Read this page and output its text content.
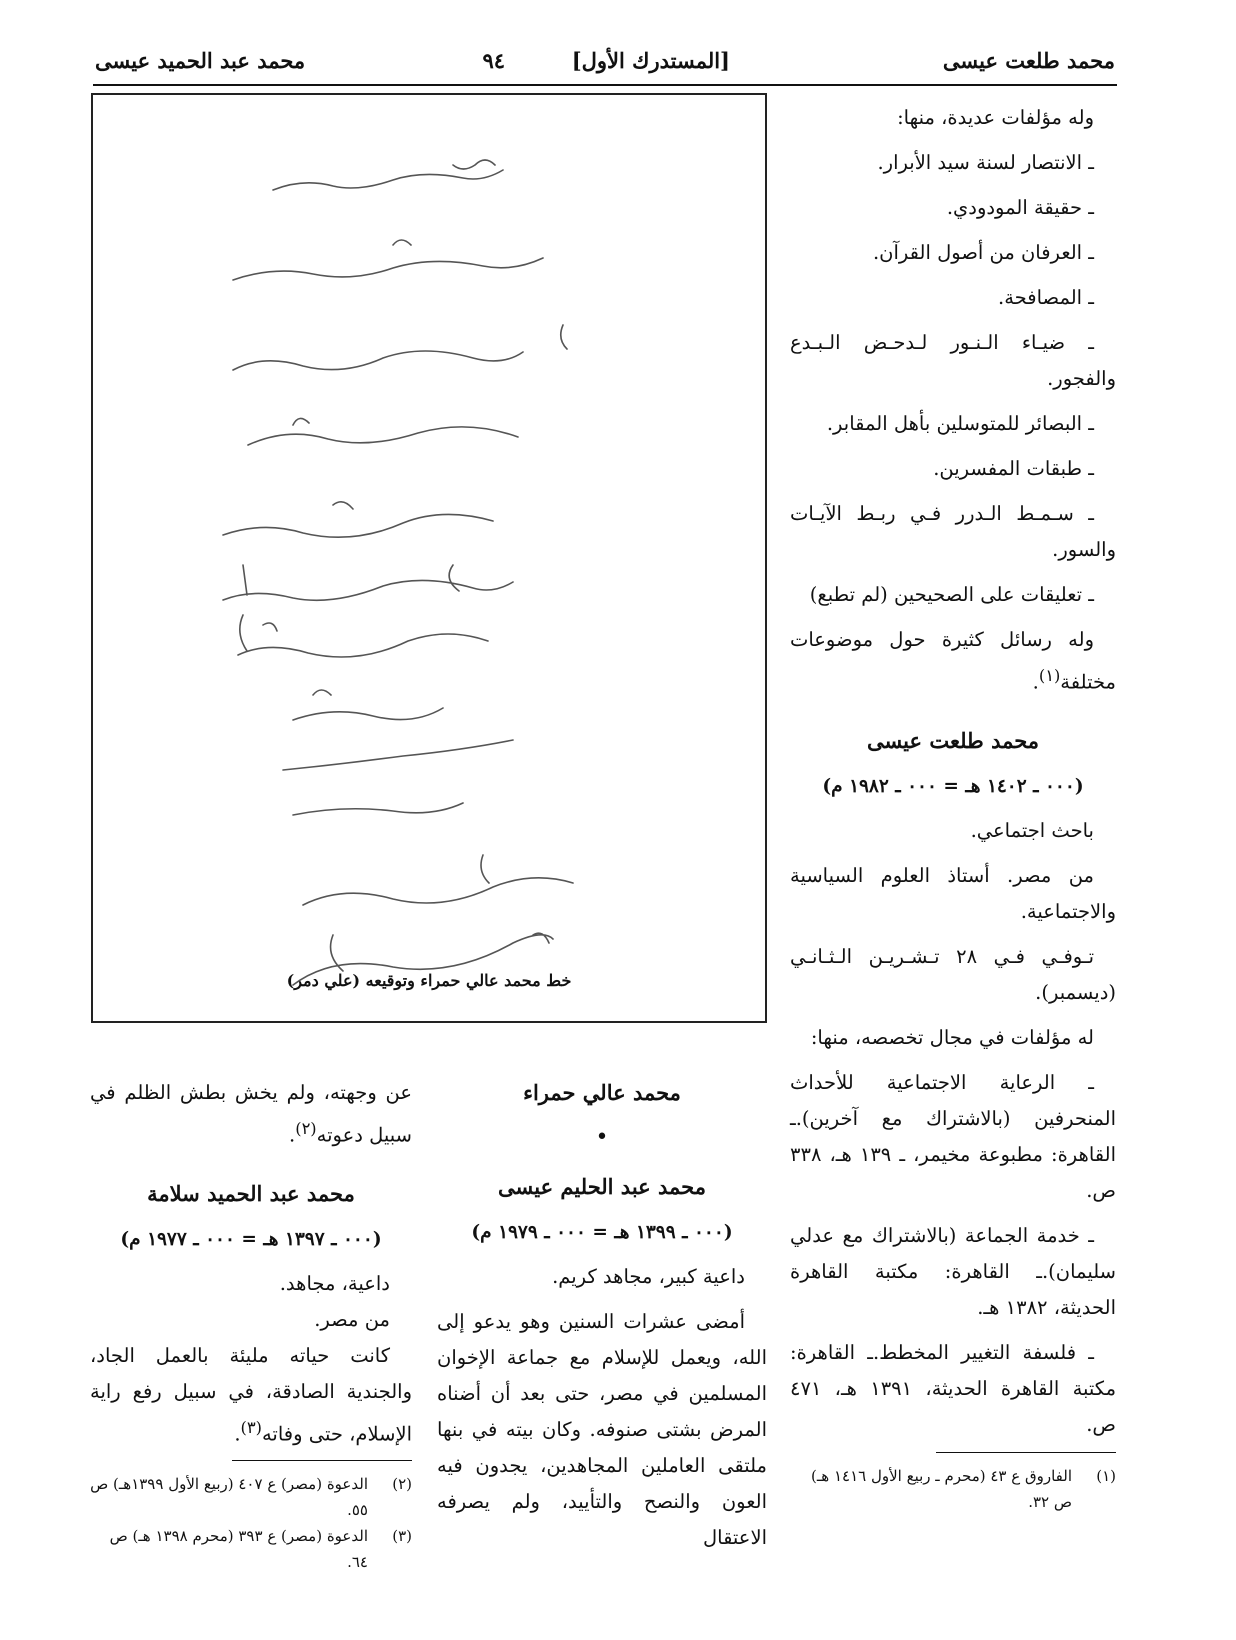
محمد طلعت عيسى
[المستدرك الأول]
٩٤
محمد عبد الحميد عيسى

وله مؤلفات عديدة، منها:

ـ الانتصار لسنة سيد الأبرار.

ـ حقيقة المودودي.

ـ العرفان من أصول القرآن.

ـ المصافحة.

ـ ضيـاء الـنـور لـدحـض الـبـدع والفجور.

ـ البصائر للمتوسلين بأهل المقابر.

ـ طبقات المفسرين.

ـ سـمـط الـدرر فـي ربـط الآيـات والسور.

ـ تعليقات على الصحيحين (لم تطبع)

وله رسائل كثيرة حول موضوعات مختلفة$^{(١)}$.

محمد طلعت عيسى

(٠٠٠ ـ ١٤٠٢ هـ = ٠٠٠ ـ ١٩٨٢ م)

باحث اجتماعي.

من مصر. أستاذ العلوم السياسية والاجتماعية.

تـوفـي فـي ٢٨ تـشـريـن الـثـانـي (ديسمبر).

له مؤلفات في مجال تخصصه، منها:

ـ الرعاية الاجتماعية للأحداث المنحرفين (بالاشتراك مع آخرين).ـ القاهرة: مطبوعة مخيمر، ـ ١٣٩ هـ، ٣٣٨ ص.

ـ خدمة الجماعة (بالاشتراك مع عدلي سليمان).ـ القاهرة: مكتبة القاهرة الحديثة، ١٣٨٢ هـ.

ـ فلسفة التغيير المخطط.ـ القاهرة: مكتبة القاهرة الحديثة، ١٣٩١ هـ، ٤٧١ ص.

(١)
الفاروق ع ٤٣ (محرم ـ ربيع الأول ١٤١٦ هـ) ص ٣٢.

خط محمد عالي حمراء وتوقيعه (علي دمر)

محمد عالي حمراء

•

محمد عبد الحليم عيسى

(٠٠٠ ـ ١٣٩٩ هـ = ٠٠٠ ـ ١٩٧٩ م)

داعية كبير، مجاهد كريم.

أمضى عشرات السنين وهو يدعو إلى الله، ويعمل للإسلام مع جماعة الإخوان المسلمين في مصر، حتى بعد أن أضناه المرض بشتى صنوفه. وكان بيته في بنها ملتقى العاملين المجاهدين، يجدون فيه العون والنصح والتأييد، ولم يصرفه الاعتقال

عن وجهته، ولم يخش بطش الظلم في سبيل دعوته$^{(٢)}$.

محمد عبد الحميد سلامة

(٠٠٠ ـ ١٣٩٧ هـ = ٠٠٠ ـ ١٩٧٧ م)

داعية، مجاهد.

من مصر.

كانت حياته مليئة بالعمل الجاد، والجندية الصادقة، في سبيل رفع راية الإسلام، حتى وفاته$^{(٣)}$.

(٢)
الدعوة (مصر) ع ٤٠٧ (ربيع الأول ١٣٩٩هـ) ص ٥٥.

(٣)
الدعوة (مصر) ع ٣٩٣ (محرم ١٣٩٨ هـ) ص ٦٤.
